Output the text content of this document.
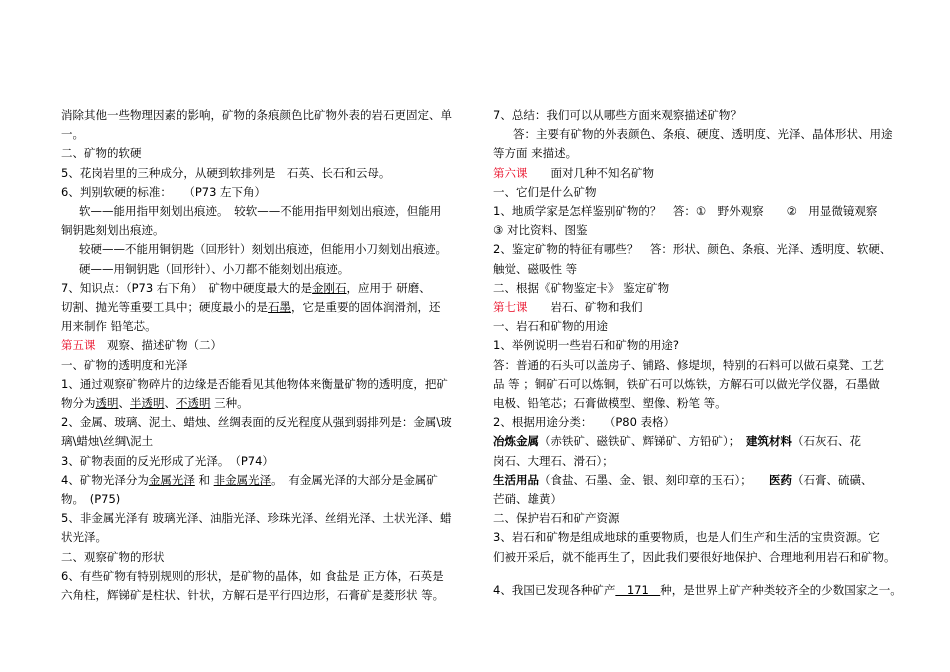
消除其他一些物理因素的影响，矿物的条痕颜色比矿物外表的岩石更固定、单
一。
二、矿物的软硬
5、花岗岩里的三种成分，从硬到软排列是　石英、长石和云母。
6、判别软硬的标准：　　（P73 左下角）
软——能用指甲刻划出痕迹。　较软——不能用指甲刻划出痕迹，但能用
铜钥匙刻划出痕迹。
较硬——不能用铜钥匙（回形针）刻划出痕迹，但能用小刀刻划出痕迹。
硬——用铜钥匙（回形针）、小刀都不能刻划出痕迹。
7、知识点：（P73 右下角）　矿物中硬度最大的是金刚石，应用于 研磨、
切割、抛光等重要工具中；硬度最小的是石墨，它是重要的固体润滑剂，还
用来制作 铅笔芯。
第五课　观察、描述矿物（二）
一、矿物的透明度和光泽
1、通过观察矿物碎片的边缘是否能看见其他物体来衡量矿物的透明度，把矿
物分为透明、半透明、不透明 三种。
2、金属、玻璃、泥土、蜡烛、丝绸表面的反光程度从强到弱排列是：金属\玻
璃\蜡烛\丝绸\泥土
3、矿物表面的反光形成了光泽。　（P74）
4、矿物光泽分为金属光泽 和 非金属光泽。　有金属光泽的大部分是金属矿
物。　(P75)
5、非金属光泽有 玻璃光泽、油脂光泽、珍珠光泽、丝绢光泽、土状光泽、蜡
状光泽。
二、观察矿物的形状
6、有些矿物有特别规则的形状，是矿物的晶体，如 食盐是 正方体，石英是
六角柱，辉锑矿是柱状、针状，方解石是平行四边形，石膏矿是菱形状 等。
7、总结：我们可以从哪些方面来观察描述矿物？
答：主要有矿物的外表颜色、条痕、硬度、透明度、光泽、晶体形状、用途
等方面 来描述。
第六课　　面对几种不知名矿物
一、它们是什么矿物
1、地质学家是怎样鉴别矿物的？　答：①　野外观察　　②　用显微镜观察
③ 对比资料、图鉴
2、鉴定矿物的特征有哪些？　答：形状、颜色、条痕、光泽、透明度、软硬、
触觉、磁吸性 等
二、根据《矿物鉴定卡》 鉴定矿物
第七课　　岩石、矿物和我们
一、岩石和矿物的用途
1、举例说明一些岩石和矿物的用途?
答：普通的石头可以盖房子、铺路、修堤坝，特别的石料可以做石桌凳、工艺
品 等 ；铜矿石可以炼铜，铁矿石可以炼铁，方解石可以做光学仪器，石墨做
电极、铅笔芯；石膏做模型、塑像、粉笔 等。
2、根据用途分类：　　（P80 表格）
冶炼金属（赤铁矿、磁铁矿、辉锑矿、方铅矿）；　建筑材料（石灰石、花
岗石、大理石、滑石）；
生活用品（食盐、石墨、金、银、刻印章的玉石）；　　医药（石膏、硫磺、
芒硝、雄黄）
二、保护岩石和矿产资源
3、岩石和矿物是组成地球的重要物质，也是人们生产和生活的宝贵资源。它
们被开采后，就不能再生了，因此我们要很好地保护、合理地利用岩石和矿物。
4、我国已发现各种矿产　171　种，是世界上矿产种类较齐全的少数国家之一。
